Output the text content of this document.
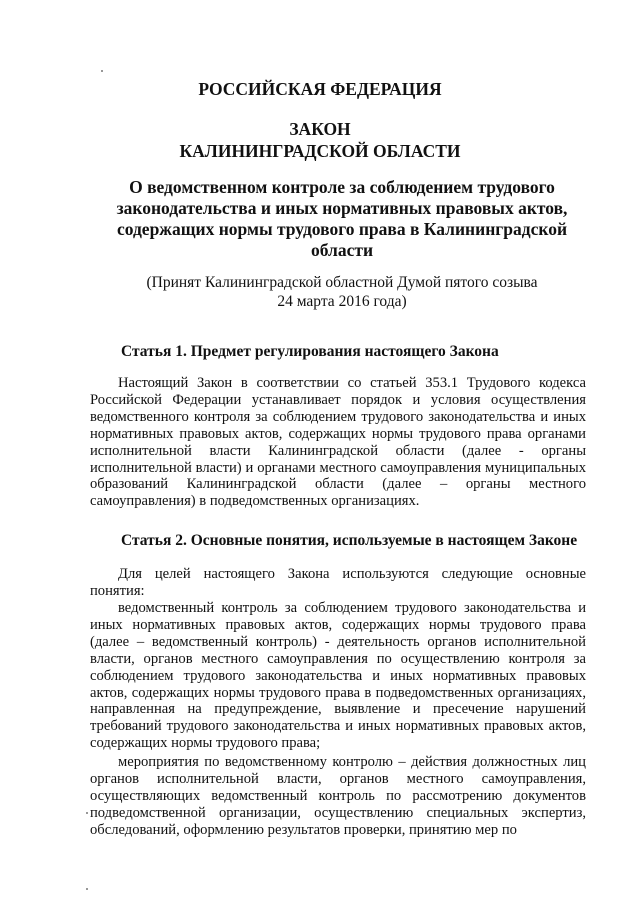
РОССИЙСКАЯ ФЕДЕРАЦИЯ
ЗАКОН
КАЛИНИНГРАДСКОЙ ОБЛАСТИ
О ведомственном контроле за соблюдением трудового законодательства и иных нормативных правовых актов, содержащих нормы трудового права в Калининградской области
(Принят Калининградской областной Думой пятого созыва
24 марта 2016 года)
Статья 1. Предмет регулирования настоящего Закона

Настоящий Закон в соответствии со статьей 353.1 Трудового кодекса Российской Федерации устанавливает порядок и условия осуществления ведомственного контроля за соблюдением трудового законодательства и иных нормативных правовых актов, содержащих нормы трудового права органами исполнительной власти Калининградской области (далее - органы исполнительной власти) и органами местного самоуправления муниципальных образований Калининградской области (далее – органы местного самоуправления) в подведомственных организациях.

Статья 2. Основные понятия, используемые в настоящем Законе

Для целей настоящего Закона используются следующие основные понятия:

ведомственный контроль за соблюдением трудового законодательства и иных нормативных правовых актов, содержащих нормы трудового права (далее – ведомственный контроль) - деятельность органов исполнительной власти, органов местного самоуправления по осуществлению контроля за соблюдением трудового законодательства и иных нормативных правовых актов, содержащих нормы трудового права в подведомственных организациях, направленная на предупреждение, выявление и пресечение нарушений требований трудового законодательства и иных нормативных правовых актов, содержащих нормы трудового права;

мероприятия по ведомственному контролю – действия должностных лиц органов исполнительной власти, органов местного самоуправления, осуществляющих ведомственный контроль по рассмотрению документов подведомственной организации, осуществлению специальных экспертиз, обследований, оформлению результатов проверки, принятию мер по
